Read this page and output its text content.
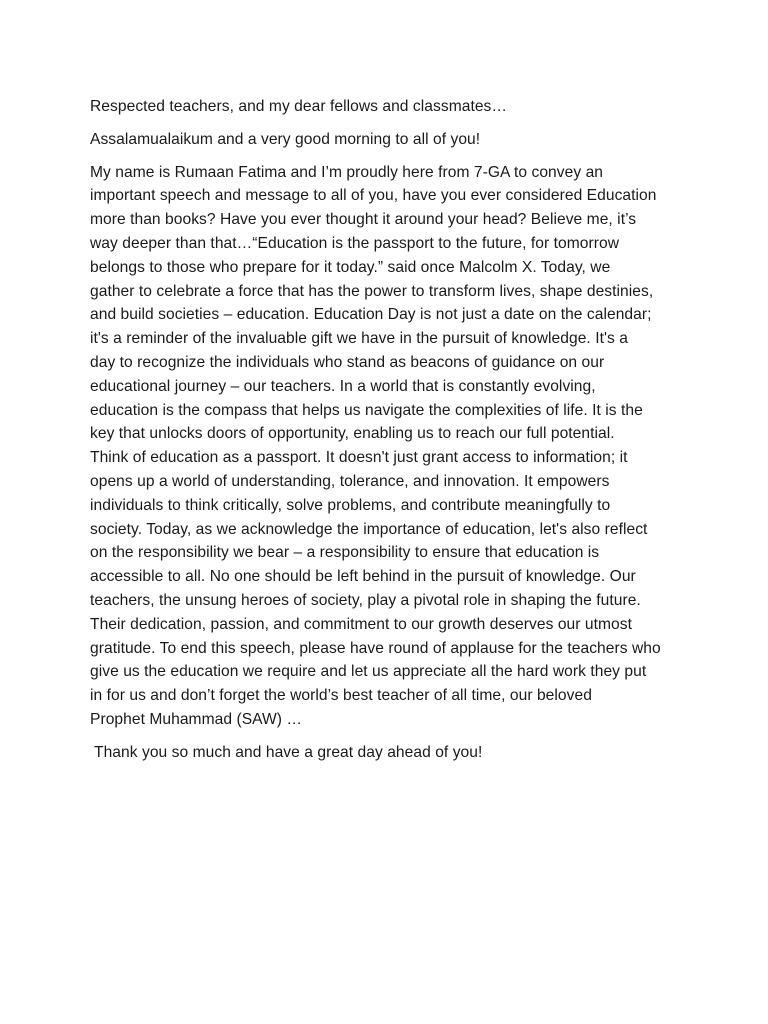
Respected teachers, and my dear fellows and classmates…

Assalamualaikum and a very good morning to all of you!

My name is Rumaan Fatima and I’m proudly here from 7-GA to convey an
important speech and message to all of you, have you ever considered Education
more than books? Have you ever thought it around your head? Believe me, it’s
way deeper than that…“Education is the passport to the future, for tomorrow
belongs to those who prepare for it today.” said once Malcolm X. Today, we
gather to celebrate a force that has the power to transform lives, shape destinies,
and build societies – education. Education Day is not just a date on the calendar;
it's a reminder of the invaluable gift we have in the pursuit of knowledge. It's a
day to recognize the individuals who stand as beacons of guidance on our
educational journey – our teachers. In a world that is constantly evolving,
education is the compass that helps us navigate the complexities of life. It is the
key that unlocks doors of opportunity, enabling us to reach our full potential.
Think of education as a passport. It doesn't just grant access to information; it
opens up a world of understanding, tolerance, and innovation. It empowers
individuals to think critically, solve problems, and contribute meaningfully to
society. Today, as we acknowledge the importance of education, let's also reflect
on the responsibility we bear – a responsibility to ensure that education is
accessible to all. No one should be left behind in the pursuit of knowledge. Our
teachers, the unsung heroes of society, play a pivotal role in shaping the future.
Their dedication, passion, and commitment to our growth deserves our utmost
gratitude. To end this speech, please have round of applause for the teachers who
give us the education we require and let us appreciate all the hard work they put
in for us and don’t forget the world’s best teacher of all time, our beloved
Prophet Muhammad (SAW) …

Thank you so much and have a great day ahead of you!
